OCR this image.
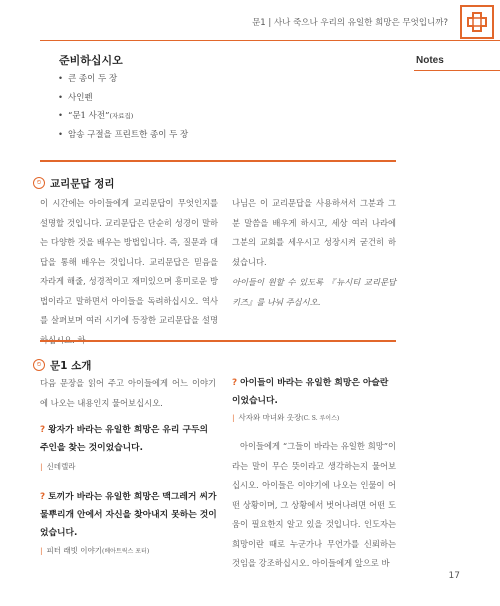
문1 | 사나 죽으나 우리의 유일한 희망은 무엇입니까?
Notes
준비하십시오
• 큰 종이 두 장
• 사인펜
• “문1 사전”(자료집)
• 암송 구절을 프린트한 종이 두 장
⏲ 교리문답 정리
이 시간에는 아이들에게 교리문답이 무엇인지를 설명할 것입니다. 교리문답은 단순히 성경이 말하는 다양한 것을 배우는 방법입니다. 즉, 질문과 대답을 통해 배우는 것입니다. 교리문답은 믿음을 자라게 해줄, 성경적이고 재미있으며 흥미로운 방법이라고 말하면서 아이들을 독려하십시오. 역사를 살펴보며 여러 시기에 등장한 교리문답을 설명
나님은 이 교리문답을 사용하셔서 그분과 그분 말씀을 배우게 하시고, 세상 여러 나라에 그분의 교회를 세우시고 성장시켜 굳건히 하셨습니다.
아이들이 원할 수 있도록 『뉴시티 교리문답 키즈』를 나눠 주십시오.
⏲ 문1 소개
다음 문장을 읽어 주고 아이들에게 어느 이야기에 나오는 내용인지 물어보십시오.
? 왕자가 바라는 유일한 희망은 유리 구두의 주인을 찾는 것이었습니다.
| 신데렐라
? 토끼가 바라는 유일한 희망은 맥그레거 씨가 물뿌리개 안에서 자신을 찾아내지 못하는 것이었습니다.
| 피터 래빗 이야기(베아트릭스 포터)
? 아이들이 바라는 유일한 희망은 아슬란이었습니다.
| 사자와 마녀와 옷장(C. S. 루이스)
아이들에게 “그들이 바라는 유일한 희망”이라는 말이 무슨 뜻이라고 생각하는지 물어보십시오. 아이들은 이야기에 나오는 인물이 어떤 상황이며, 그 상황에서 벗어나려면 어떤 도움이 필요한지 알고 있을 것입니다. 인도자는 희망이란 때로 누군가나 무언가를 신뢰하는 것임을 강조하십시오. 아이들에게 앞으로 바
17
